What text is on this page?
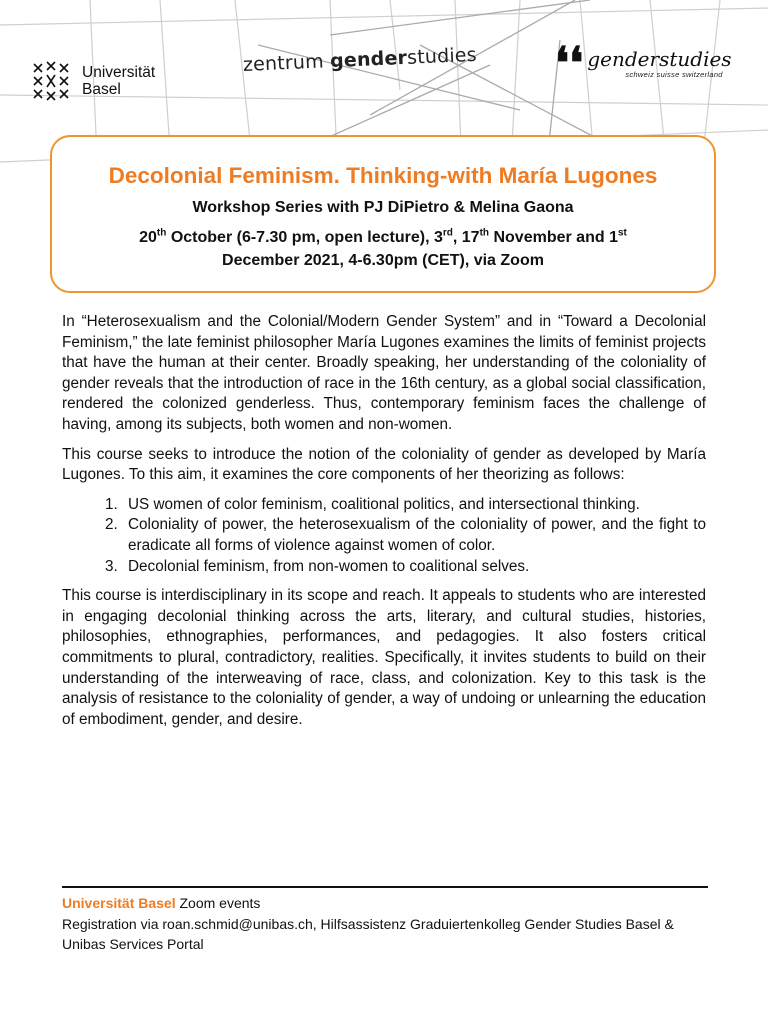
Universität
Basel
zentrum genderstudies ❛❛ genderstudies
schweiz suisse switzerland
Decolonial Feminism. Thinking-with María Lugones
Workshop Series with PJ DiPietro & Melina Gaona
20th October (6-7.30 pm, open lecture), 3rd, 17th November and 1st
December 2021, 4-6.30pm (CET), via Zoom

In “Heterosexualism and the Colonial/Modern Gender System” and in “Toward a Decolonial Feminism,” the late feminist philosopher María Lugones examines the limits of feminist projects that have the human at their center. Broadly speaking, her understanding of the coloniality of gender reveals that the introduction of race in the 16th century, as a global social classification, rendered the colonized genderless. Thus, contemporary feminism faces the challenge of having, among its subjects, both women and non-women.

This course seeks to introduce the notion of the coloniality of gender as developed by María Lugones. To this aim, it examines the core components of her theorizing as follows:

1. US women of color feminism, coalitional politics, and intersectional thinking.
2. Coloniality of power, the heterosexualism of the coloniality of power, and the fight to eradicate all forms of violence against women of color.
3. Decolonial feminism, from non-women to coalitional selves.

This course is interdisciplinary in its scope and reach. It appeals to students who are interested in engaging decolonial thinking across the arts, literary, and cultural studies, histories, philosophies, ethnographies, performances, and pedagogies. It also fosters critical commitments to plural, contradictory, realities. Specifically, it invites students to build on their understanding of the interweaving of race, class, and colonization. Key to this task is the analysis of resistance to the coloniality of gender, a way of undoing or unlearning the education of embodiment, gender, and desire.

Universität Basel Zoom events
Registration via roan.schmid@unibas.ch, Hilfsassistenz Graduiertenkolleg Gender Studies Basel & Unibas Services Portal
